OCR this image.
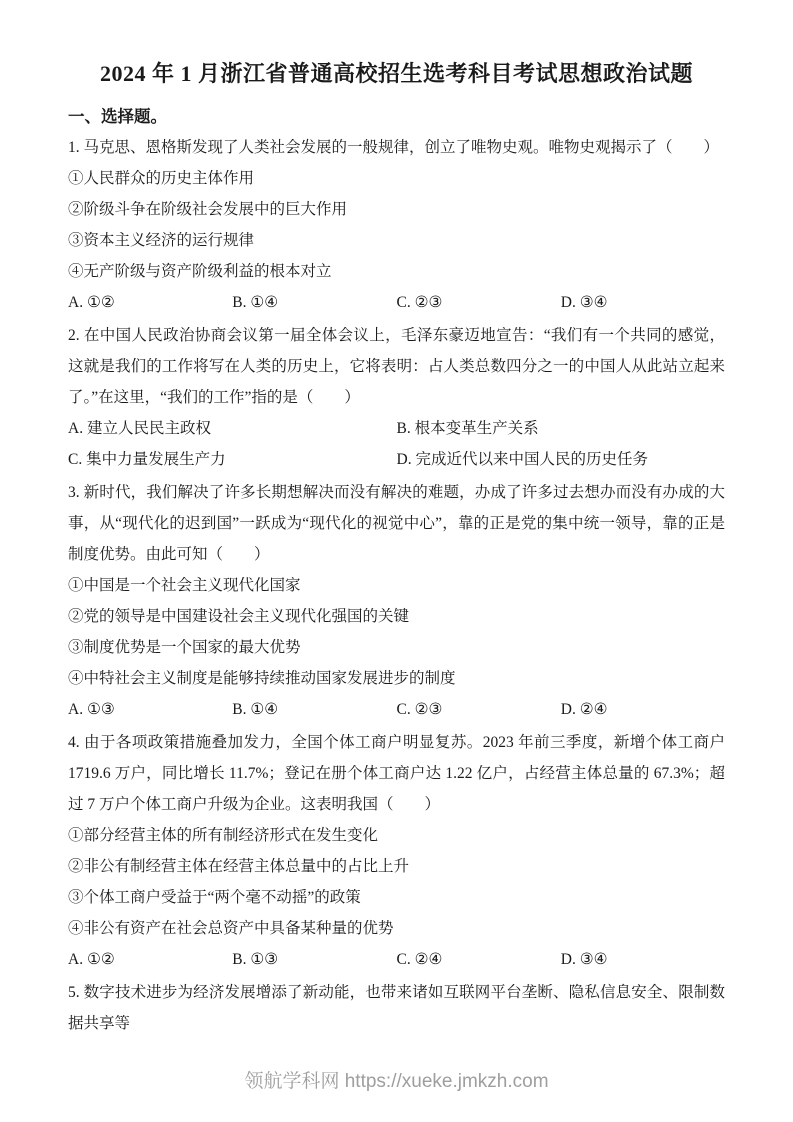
2024 年 1 月浙江省普通高校招生选考科目考试思想政治试题
一、选择题。

1. 马克思、恩格斯发现了人类社会发展的一般规律，创立了唯物史观。唯物史观揭示了（　　）

①人民群众的历史主体作用

②阶级斗争在阶级社会发展中的巨大作用

③资本主义经济的运行规律

④无产阶级与资产阶级利益的根本对立

A. ①②	B. ①④	C. ②③	D. ③④

2. 在中国人民政治协商会议第一届全体会议上，毛泽东豪迈地宣告：“我们有一个共同的感觉，这就是我们的工作将写在人类的历史上，它将表明：占人类总数四分之一的中国人从此站立起来了。”在这里，“我们的工作”指的是（　　）

A. 建立人民民主政权	B. 根本变革生产关系
C. 集中力量发展生产力	D. 完成近代以来中国人民的历史任务

3. 新时代，我们解决了许多长期想解决而没有解决的难题，办成了许多过去想办而没有办成的大事，从“现代化的迟到国”一跃成为“现代化的视觉中心”，靠的正是党的集中统一领导，靠的正是制度优势。由此可知（　　）

①中国是一个社会主义现代化国家

②党的领导是中国建设社会主义现代化强国的关键

③制度优势是一个国家的最大优势

④中特社会主义制度是能够持续推动国家发展进步的制度

A. ①③	B. ①④	C. ②③	D. ②④

4. 由于各项政策措施叠加发力，全国个体工商户明显复苏。2023 年前三季度，新增个体工商户 1719.6 万户，同比增长 11.7%；登记在册个体工商户达 1.22 亿户，占经营主体总量的 67.3%；超过 7 万户个体工商户升级为企业。这表明我国（　　）

①部分经营主体的所有制经济形式在发生变化

②非公有制经营主体在经营主体总量中的占比上升

③个体工商户受益于“两个毫不动摇”的政策

④非公有资产在社会总资产中具备某种量的优势

A. ①②	B. ①③	C. ②④	D. ③④

5. 数字技术进步为经济发展增添了新动能，也带来诸如互联网平台垄断、隐私信息安全、限制数据共享等

领航学科网 https://xueke.jmkzh.com
